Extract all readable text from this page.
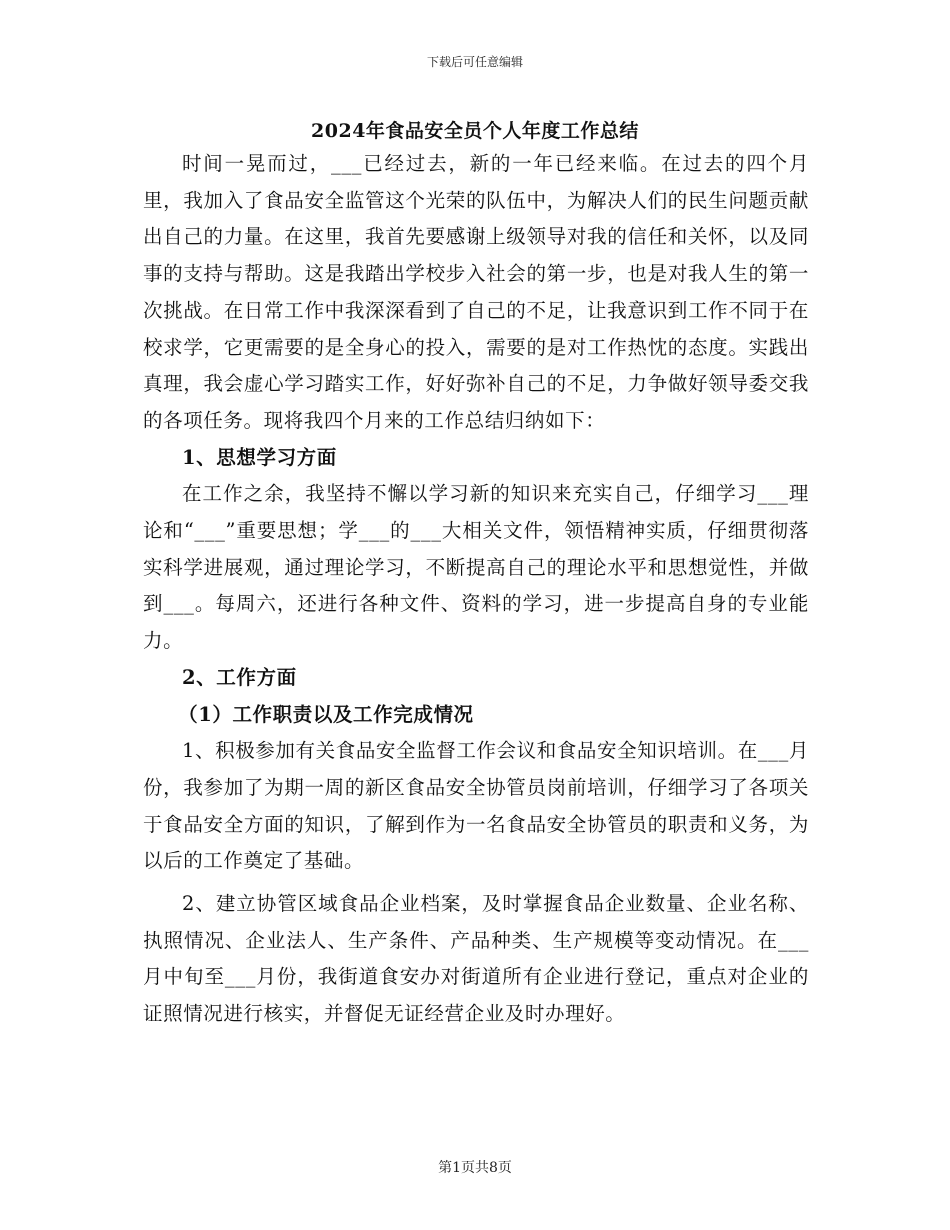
下载后可任意编辑
2024年食品安全员个人年度工作总结

时间一晃而过，___已经过去，新的一年已经来临。在过去的四个月里，我加入了食品安全监管这个光荣的队伍中，为解决人们的民生问题贡献出自己的力量。在这里，我首先要感谢上级领导对我的信任和关怀，以及同事的支持与帮助。这是我踏出学校步入社会的第一步，也是对我人生的第一次挑战。在日常工作中我深深看到了自己的不足，让我意识到工作不同于在校求学，它更需要的是全身心的投入，需要的是对工作热忱的态度。实践出真理，我会虚心学习踏实工作，好好弥补自己的不足，力争做好领导委交我的各项任务。现将我四个月来的工作总结归纳如下：

1、思想学习方面

在工作之余，我坚持不懈以学习新的知识来充实自己，仔细学习___理论和“___”重要思想；学___的___大相关文件，领悟精神实质，仔细贯彻落实科学进展观，通过理论学习，不断提高自己的理论水平和思想觉性，并做到___。每周六，还进行各种文件、资料的学习，进一步提高自身的专业能力。

2、工作方面

（1）工作职责以及工作完成情况

1、积极参加有关食品安全监督工作会议和食品安全知识培训。在___月份，我参加了为期一周的新区食品安全协管员岗前培训，仔细学习了各项关于食品安全方面的知识，了解到作为一名食品安全协管员的职责和义务，为以后的工作奠定了基础。

2、建立协管区域食品企业档案，及时掌握食品企业数量、企业名称、执照情况、企业法人、生产条件、产品种类、生产规模等变动情况。在___月中旬至___月份，我街道食安办对街道所有企业进行登记，重点对企业的证照情况进行核实，并督促无证经营企业及时办理好。

第1页共8页
